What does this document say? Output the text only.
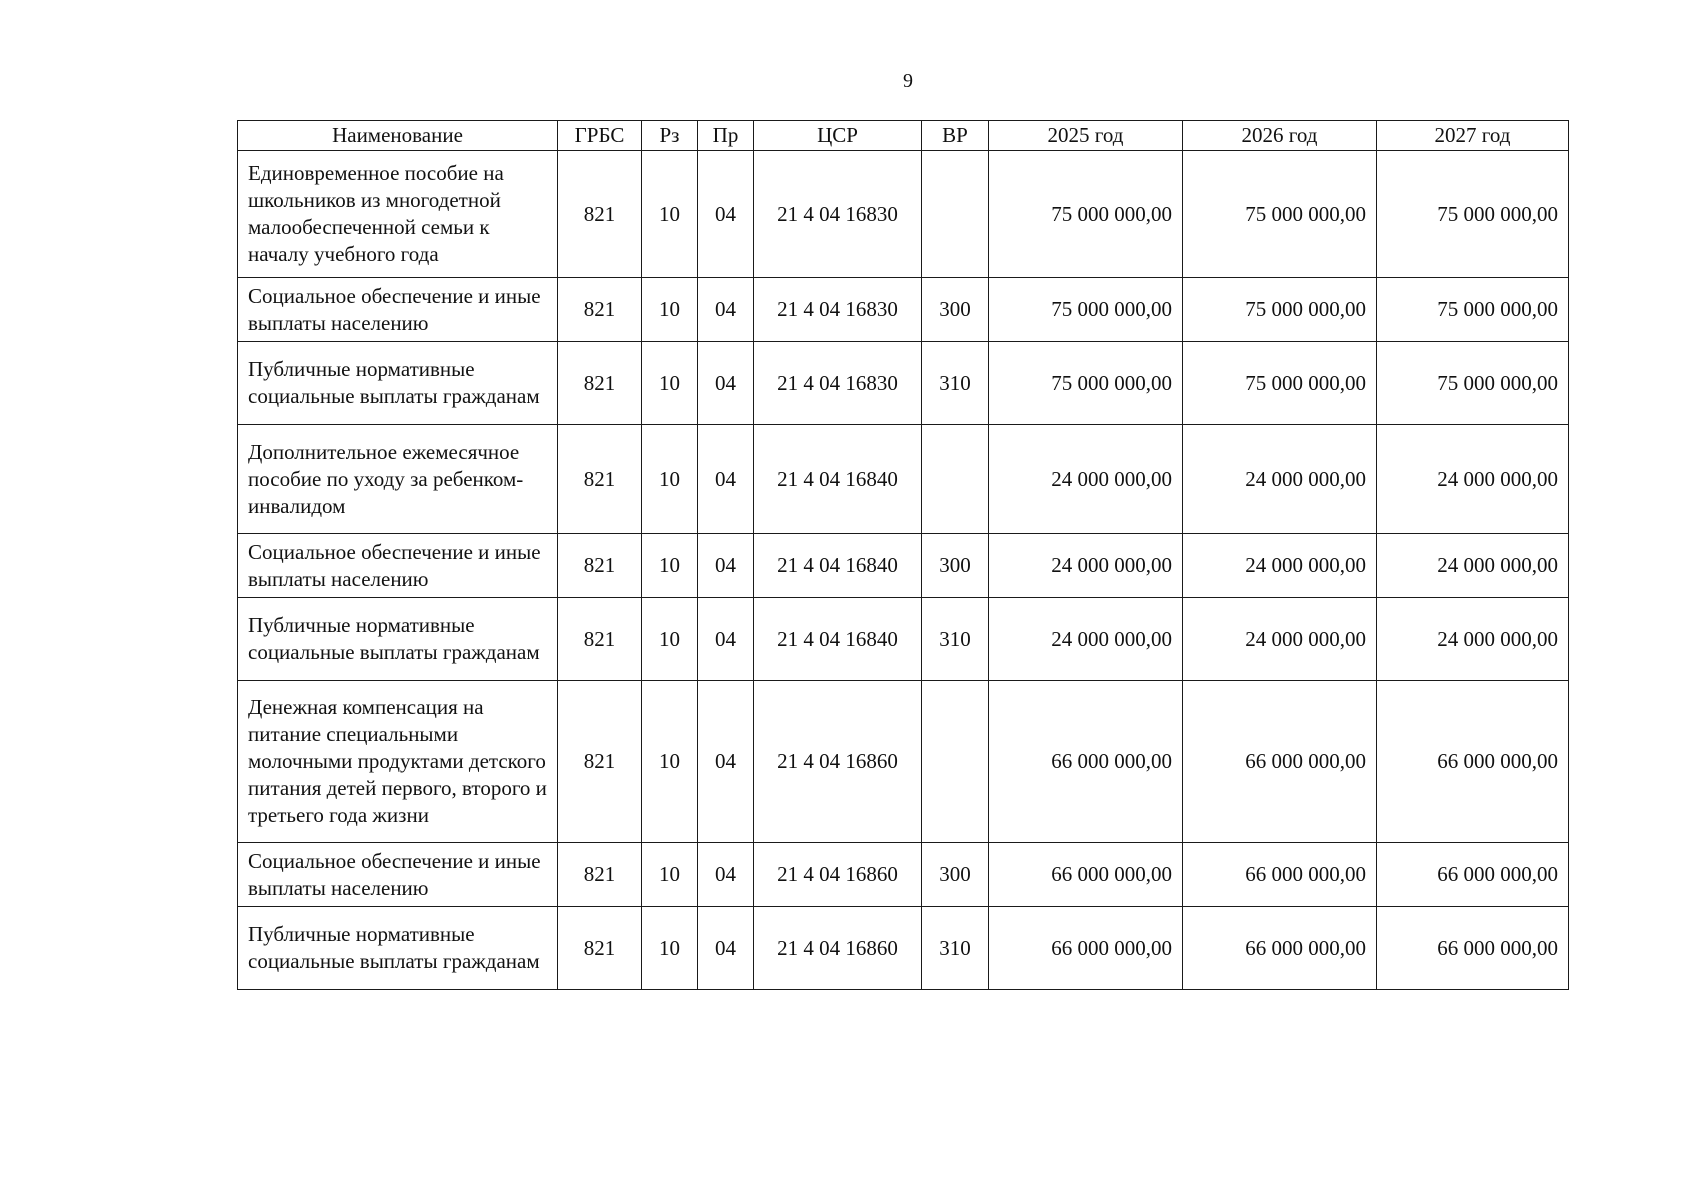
9
Наименование	ГРБС	Рз	Пр	ЦСР	ВР	2025 год	2026 год	2027 год
Единовременное пособие на школьников из многодетной малообеспеченной семьи к началу учебного года	821	10	04	21 4 04 16830		75 000 000,00	75 000 000,00	75 000 000,00
Социальное обеспечение и иные выплаты населению	821	10	04	21 4 04 16830	300	75 000 000,00	75 000 000,00	75 000 000,00
Публичные нормативные социальные выплаты гражданам	821	10	04	21 4 04 16830	310	75 000 000,00	75 000 000,00	75 000 000,00
Дополнительное ежемесячное пособие по уходу за ребенком-инвалидом	821	10	04	21 4 04 16840		24 000 000,00	24 000 000,00	24 000 000,00
Социальное обеспечение и иные выплаты населению	821	10	04	21 4 04 16840	300	24 000 000,00	24 000 000,00	24 000 000,00
Публичные нормативные социальные выплаты гражданам	821	10	04	21 4 04 16840	310	24 000 000,00	24 000 000,00	24 000 000,00
Денежная компенсация на питание специальными молочными продуктами детского питания детей первого, второго и третьего года жизни	821	10	04	21 4 04 16860		66 000 000,00	66 000 000,00	66 000 000,00
Социальное обеспечение и иные выплаты населению	821	10	04	21 4 04 16860	300	66 000 000,00	66 000 000,00	66 000 000,00
Публичные нормативные социальные выплаты гражданам	821	10	04	21 4 04 16860	310	66 000 000,00	66 000 000,00	66 000 000,00
